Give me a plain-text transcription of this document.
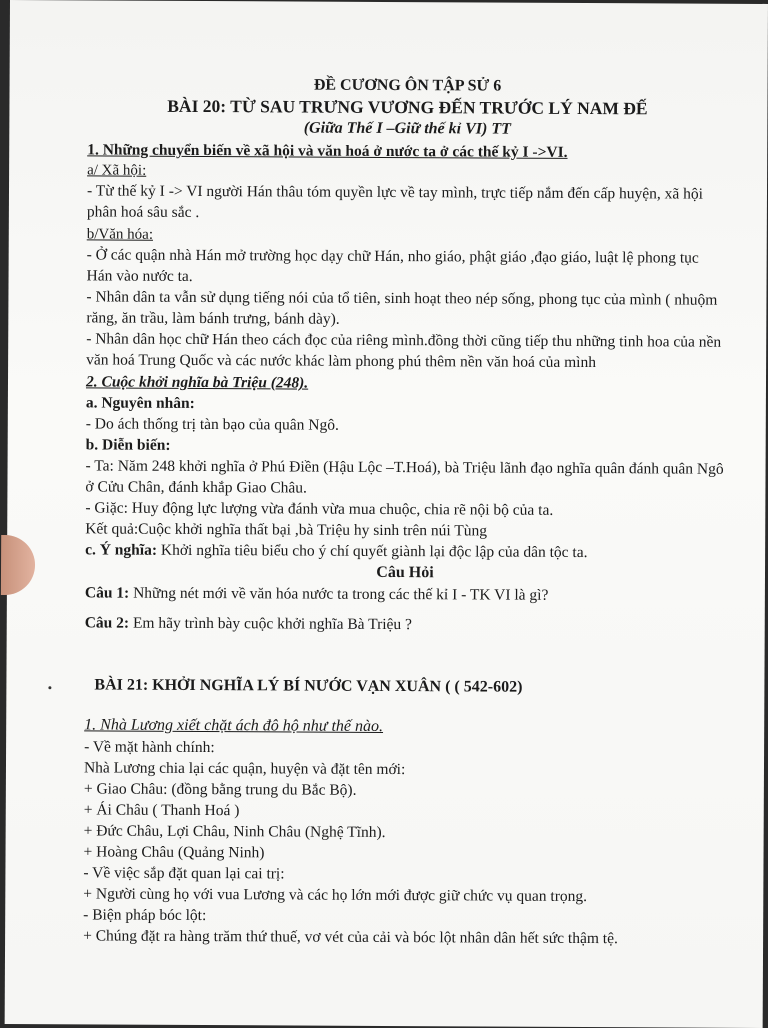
ĐỀ CƯƠNG ÔN TẬP SỬ 6

BÀI 20: TỪ SAU TRƯNG VƯƠNG ĐẾN TRƯỚC LÝ NAM ĐẾ

(Giữa Thế I –Giữ thế kỉ VI) TT

1. Những chuyển biến về xã hội và văn hoá ở nước ta ở các thế kỷ I ->VI.

a/ Xã hội:

- Từ thế kỷ I -> VI người Hán thâu tóm quyền lực về tay mình, trực tiếp nắm đến cấp huyện, xã hội phân hoá sâu sắc .

b/Văn hóa:

- Ở các quận nhà Hán mở trường học dạy chữ Hán, nho giáo, phật giáo ,đạo giáo, luật lệ phong tục Hán vào nước ta.

- Nhân dân ta vẫn sử dụng tiếng nói của tổ tiên, sinh hoạt theo nép sống, phong tục của mình ( nhuộm răng, ăn trầu, làm bánh trưng, bánh dày).

- Nhân dân học chữ Hán theo cách đọc của riêng mình.đồng thời cũng tiếp thu những tinh hoa của nền văn hoá Trung Quốc và các nước khác làm phong phú thêm nền văn hoá của mình

2. Cuộc khởi nghĩa bà Triệu (248).

a. Nguyên nhân:

- Do ách thống trị tàn bạo của quân Ngô.

b. Diễn biến:

- Ta: Năm 248 khởi nghĩa ở Phú Điền (Hậu Lộc –T.Hoá), bà Triệu lãnh đạo nghĩa quân đánh quân Ngô ở Cửu Chân, đánh khắp Giao Châu.

- Giặc: Huy động lực lượng vừa đánh vừa mua chuộc, chia rẽ nội bộ của ta.

Kết quả:Cuộc khởi nghĩa thất bại ,bà Triệu hy sinh trên núi Tùng

c. Ý nghĩa: Khởi nghĩa tiêu biểu cho ý chí quyết giành lại độc lập của dân tộc ta.

Câu Hỏi

Câu 1: Những nét mới về văn hóa nước ta trong các thế kỉ I - TK VI là gì?

Câu 2: Em hãy trình bày cuộc khởi nghĩa Bà Triệu ?

BÀI 21: KHỞI NGHĨA LÝ BÍ NƯỚC VẠN XUÂN ( ( 542-602)

1. Nhà Lương xiết chặt ách đô hộ như thế nào.

- Về mặt hành chính:

Nhà Lương chia lại các quận, huyện và đặt tên mới:

+ Giao Châu: (đồng bằng trung du Bắc Bộ).

+ Ái Châu ( Thanh Hoá )

+ Đức Châu, Lợi Châu, Ninh Châu (Nghệ Tĩnh).

+ Hoàng Châu (Quảng Ninh)

- Về việc sắp đặt quan lại cai trị:

+ Người cùng họ với vua Lương và các họ lớn mới được giữ chức vụ quan trọng.

- Biện pháp bóc lột:

+ Chúng đặt ra hàng trăm thứ thuế, vơ vét của cải và bóc lột nhân dân hết sức thậm tệ.
